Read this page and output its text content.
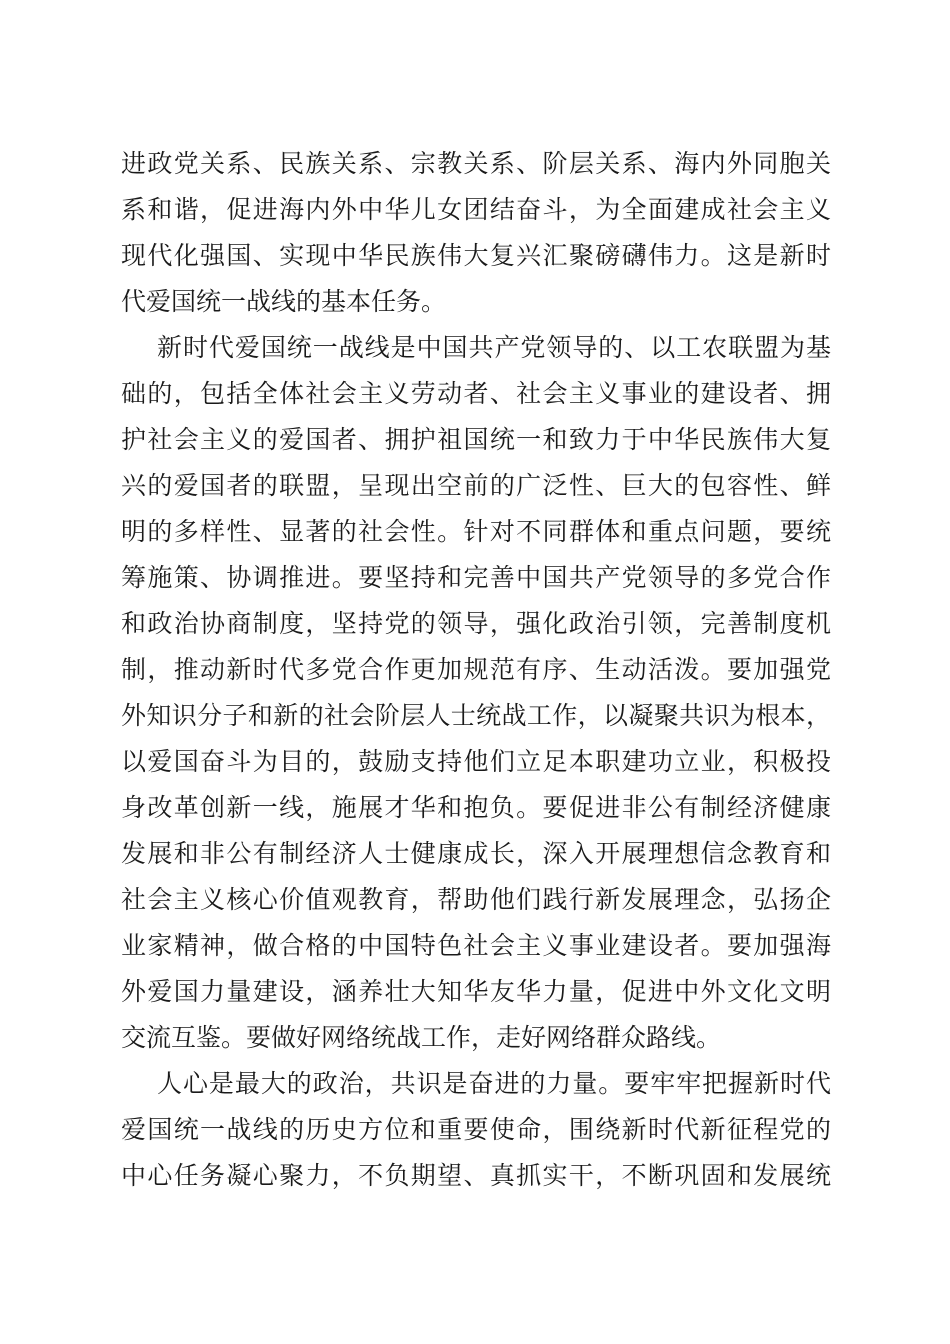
进政党关系、民族关系、宗教关系、阶层关系、海内外同胞关
系和谐，促进海内外中华儿女团结奋斗，为全面建成社会主义
现代化强国、实现中华民族伟大复兴汇聚磅礴伟力。这是新时
代爱国统一战线的基本任务。
新时代爱国统一战线是中国共产党领导的、以工农联盟为基
础的，包括全体社会主义劳动者、社会主义事业的建设者、拥
护社会主义的爱国者、拥护祖国统一和致力于中华民族伟大复
兴的爱国者的联盟，呈现出空前的广泛性、巨大的包容性、鲜
明的多样性、显著的社会性。针对不同群体和重点问题，要统
筹施策、协调推进。要坚持和完善中国共产党领导的多党合作
和政治协商制度，坚持党的领导，强化政治引领，完善制度机
制，推动新时代多党合作更加规范有序、生动活泼。要加强党
外知识分子和新的社会阶层人士统战工作，以凝聚共识为根本，
以爱国奋斗为目的，鼓励支持他们立足本职建功立业，积极投
身改革创新一线，施展才华和抱负。要促进非公有制经济健康
发展和非公有制经济人士健康成长，深入开展理想信念教育和
社会主义核心价值观教育，帮助他们践行新发展理念，弘扬企
业家精神，做合格的中国特色社会主义事业建设者。要加强海
外爱国力量建设，涵养壮大知华友华力量，促进中外文化文明
交流互鉴。要做好网络统战工作，走好网络群众路线。
人心是最大的政治，共识是奋进的力量。要牢牢把握新时代
爱国统一战线的历史方位和重要使命，围绕新时代新征程党的
中心任务凝心聚力，不负期望、真抓实干，不断巩固和发展统
